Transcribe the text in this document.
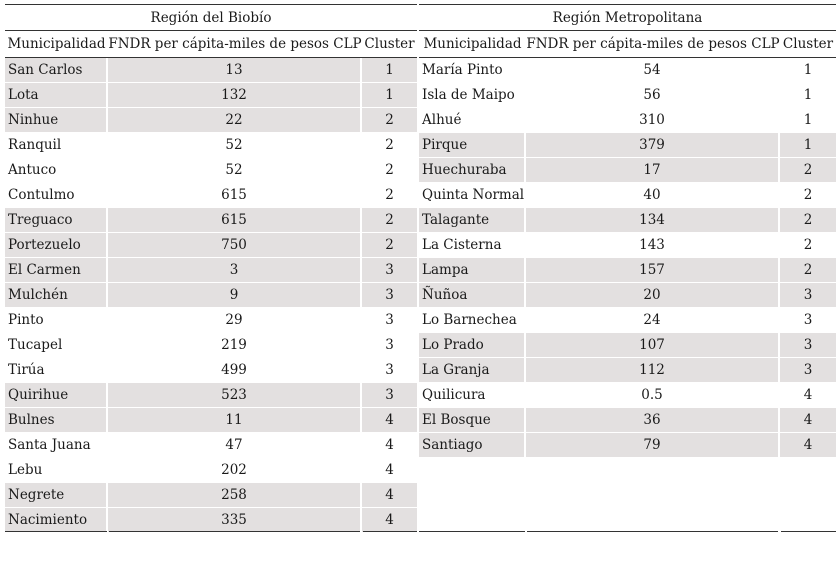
Región del Biobío
Municipalidad	FNDR per cápita-miles de pesos CLP	Cluster
San Carlos	13	1
Lota	132	1
Ninhue	22	2
Ranquil	52	2
Antuco	52	2
Contulmo	615	2
Treguaco	615	2
Portezuelo	750	2
El Carmen	3	3
Mulchén	9	3
Pinto	29	3
Tucapel	219	3
Tirúa	499	3
Quirihue	523	3
Bulnes	11	4
Santa Juana	47	4
Lebu	202	4
Negrete	258	4
Nacimiento	335	4
Región Metropolitana
Municipalidad	FNDR per cápita-miles de pesos CLP	Cluster
María Pinto	54	1
Isla de Maipo	56	1
Alhué	310	1
Pirque	379	1
Huechuraba	17	2
Quinta Normal	40	2
Talagante	134	2
La Cisterna	143	2
Lampa	157	2
Ñuñoa	20	3
Lo Barnechea	24	3
Lo Prado	107	3
La Granja	112	3
Quilicura	0.5	4
El Bosque	36	4
Santiago	79	4
